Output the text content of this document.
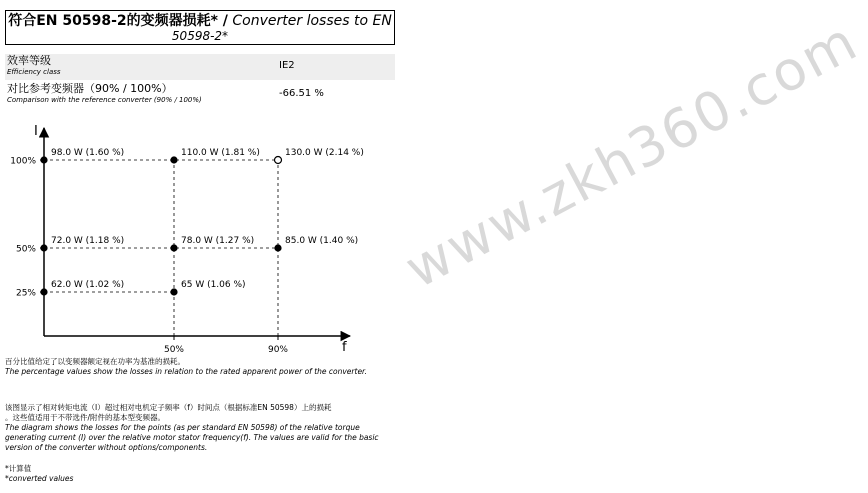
符合EN 50598-2的变频器损耗* / Converter losses to EN
50598-2*
效率等级
Efficiency class
IE2
对比参考变频器（90% / 100%）
Comparison with the reference converter (90% / 100%)
-66.51 %
I
f
100%
50%
25%
50%	90%
98.0 W (1.60 %)	110.0 W (1.81 %)	130.0 W (2.14 %)
72.0 W (1.18 %)	78.0 W (1.27 %)	85.0 W (1.40 %)
62.0 W (1.02 %)	65 W (1.06 %)
百分比值给定了以变频器额定视在功率为基准的损耗。
The percentage values show the losses in relation to the rated apparent power of the converter.
该图显示了相对转矩电流（I）超过相对电机定子频率（f）时间点（根据标准EN 50598）上的损耗
。这些值适用于不带选件/附件的基本型变频器。
The diagram shows the losses for the points (as per standard EN 50598) of the relative torque
generating current (I) over the relative motor stator frequency(f). The values are valid for the basic
version of the converter without options/components.
*计算值
*converted values
www.zkh360.com
